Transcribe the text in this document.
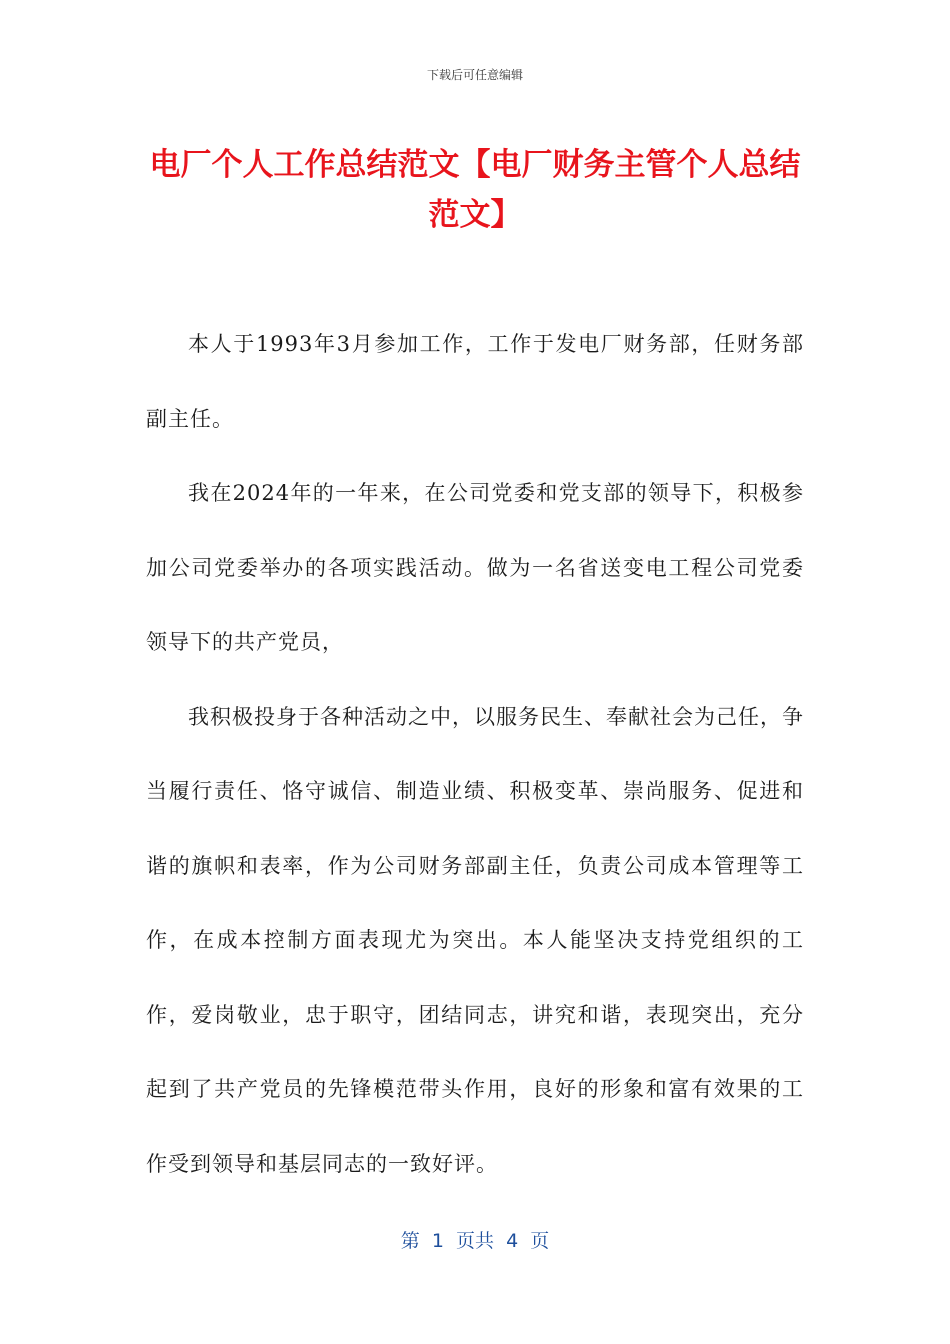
下载后可任意编辑
电厂个人工作总结范文【电厂财务主管个人总结范文】

本人于1993年3月参加工作，工作于发电厂财务部，任财务部副主任。

我在2024年的一年来，在公司党委和党支部的领导下，积极参加公司党委举办的各项实践活动。做为一名省送变电工程公司党委领导下的共产党员，

我积极投身于各种活动之中，以服务民生、奉献社会为己任，争当履行责任、恪守诚信、制造业绩、积极变革、崇尚服务、促进和谐的旗帜和表率，作为公司财务部副主任，负责公司成本管理等工作，在成本控制方面表现尤为突出。本人能坚决支持党组织的工作，爱岗敬业，忠于职守，团结同志，讲究和谐，表现突出，充分起到了共产党员的先锋模范带头作用，良好的形象和富有效果的工作受到领导和基层同志的一致好评。

第  1  页共  4  页
